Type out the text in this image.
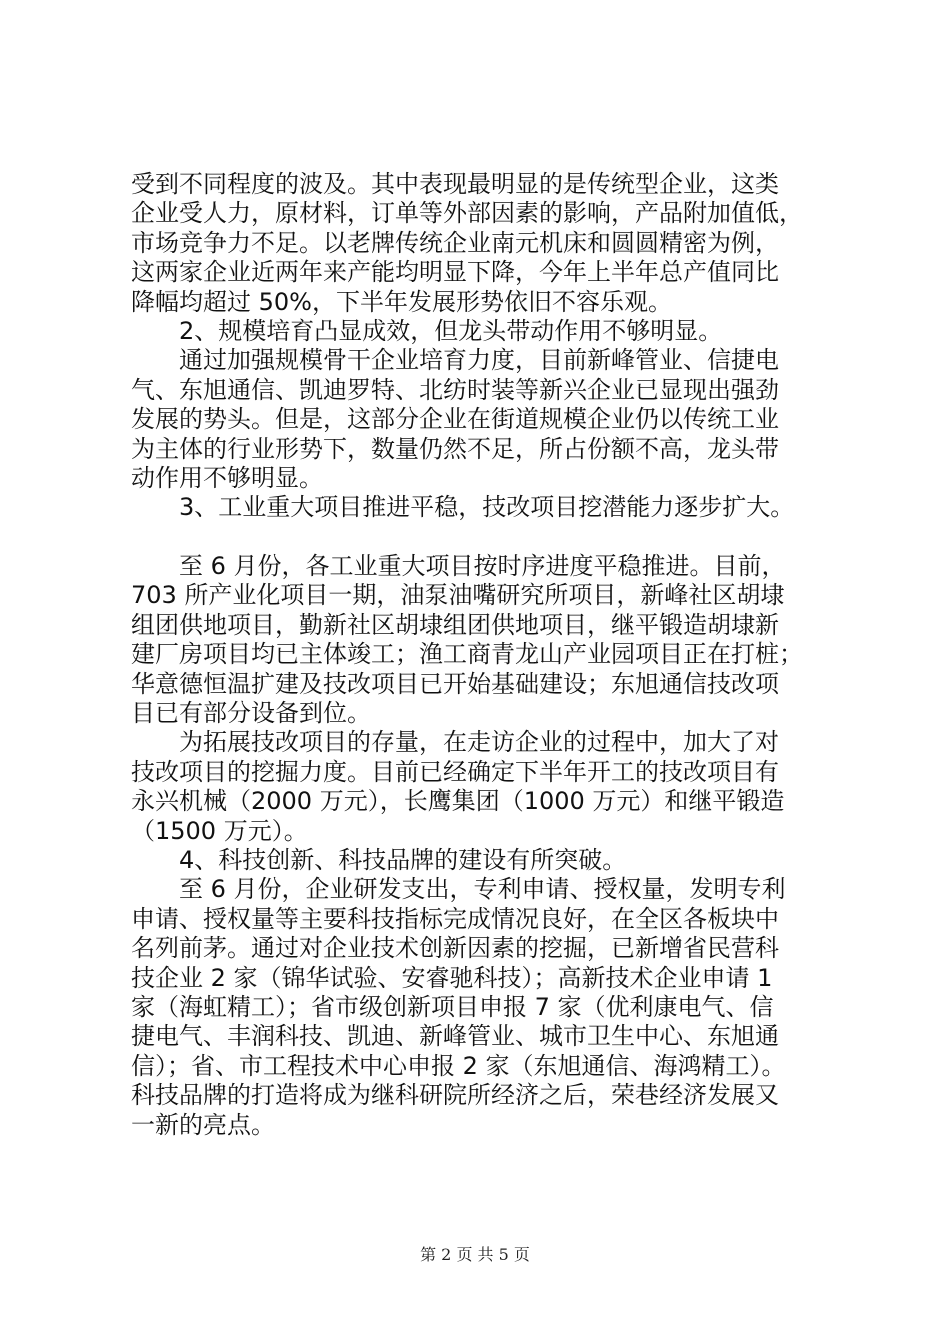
受到不同程度的波及。其中表现最明显的是传统型企业，这类
企业受人力，原材料，订单等外部因素的影响，产品附加值低，
市场竞争力不足。以老牌传统企业南元机床和圆圆精密为例，
这两家企业近两年来产能均明显下降，今年上半年总产值同比
降幅均超过 50%，下半年发展形势依旧不容乐观。
　　2、规模培育凸显成效，但龙头带动作用不够明显。
　　通过加强规模骨干企业培育力度，目前新峰管业、信捷电
气、东旭通信、凯迪罗特、北纺时装等新兴企业已显现出强劲
发展的势头。但是，这部分企业在街道规模企业仍以传统工业
为主体的行业形势下，数量仍然不足，所占份额不高，龙头带
动作用不够明显。
　　3、工业重大项目推进平稳，技改项目挖潜能力逐步扩大。
　　至 6 月份，各工业重大项目按时序进度平稳推进。目前，
703 所产业化项目一期，油泵油嘴研究所项目，新峰社区胡埭
组团供地项目，勤新社区胡埭组团供地项目，继平锻造胡埭新
建厂房项目均已主体竣工；渔工商青龙山产业园项目正在打桩；
华意德恒温扩建及技改项目已开始基础建设；东旭通信技改项
目已有部分设备到位。
　　为拓展技改项目的存量，在走访企业的过程中，加大了对
技改项目的挖掘力度。目前已经确定下半年开工的技改项目有
永兴机械（2000 万元），长鹰集团（1000 万元）和继平锻造
（1500 万元）。
　　4、科技创新、科技品牌的建设有所突破。
　　至 6 月份，企业研发支出，专利申请、授权量，发明专利
申请、授权量等主要科技指标完成情况良好，在全区各板块中
名列前茅。通过对企业技术创新因素的挖掘，已新增省民营科
技企业 2 家（锦华试验、安睿驰科技）；高新技术企业申请 1
家（海虹精工）；省市级创新项目申报 7 家（优利康电气、信
捷电气、丰润科技、凯迪、新峰管业、城市卫生中心、东旭通
信）；省、市工程技术中心申报 2 家（东旭通信、海鸿精工）。
科技品牌的打造将成为继科研院所经济之后，荣巷经济发展又
一新的亮点。
第 2 页 共 5 页
